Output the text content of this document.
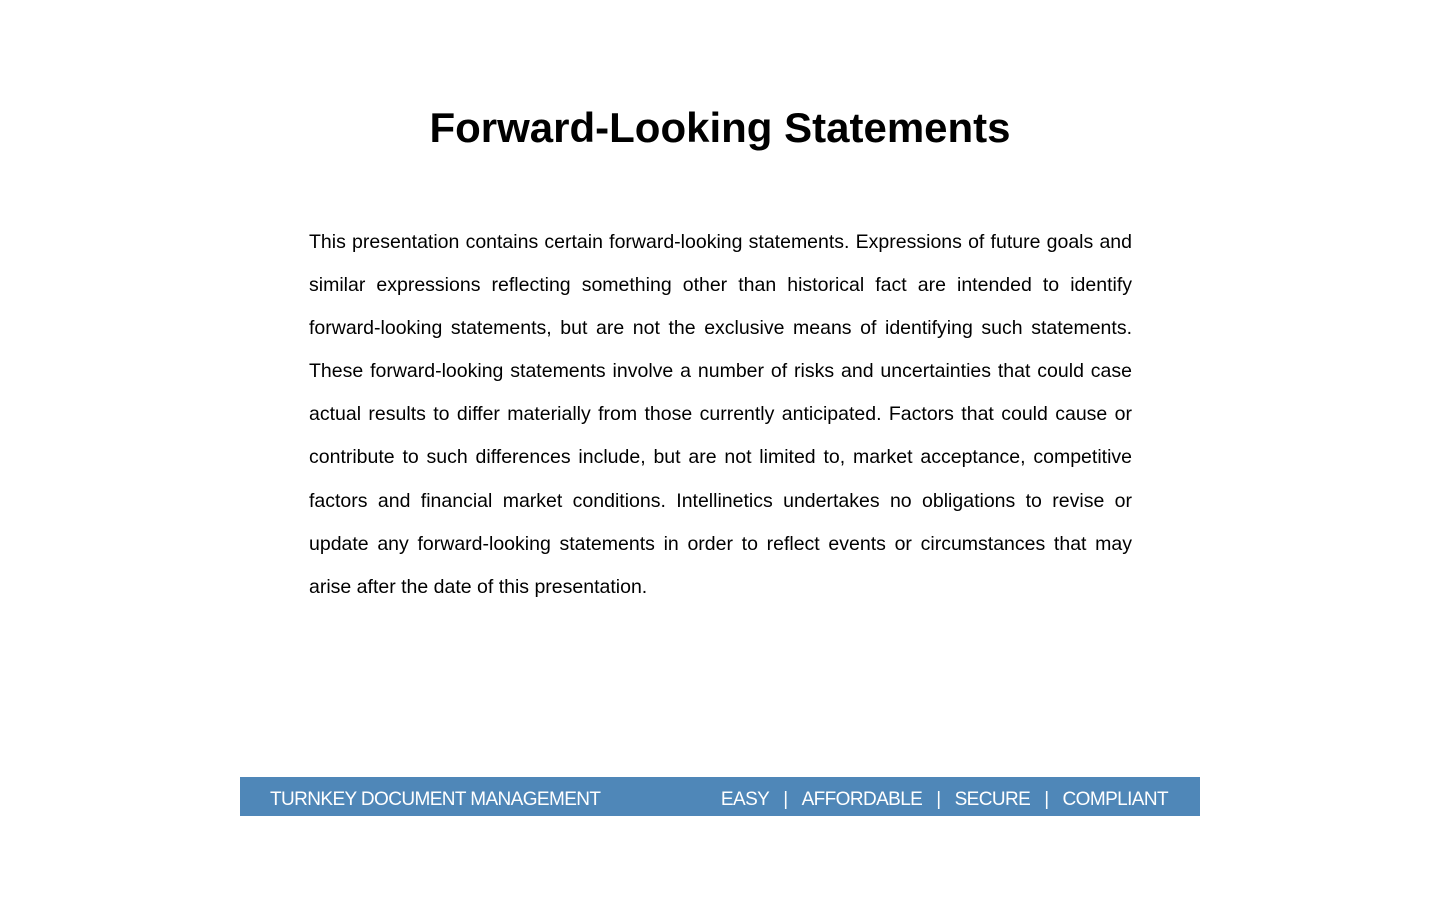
Forward-Looking Statements

This presentation contains certain forward-looking statements. Expressions of future goals and similar expressions reflecting something other than historical fact are intended to identify forward-looking statements, but are not the exclusive means of identifying such statements. These forward-looking statements involve a number of risks and uncertainties that could case actual results to differ materially from those currently anticipated. Factors that could cause or contribute to such differences include, but are not limited to, market acceptance, competitive factors and financial market conditions. Intellinetics undertakes no obligations to revise or update any forward-looking statements in order to reflect events or circumstances that may arise after the date of this presentation.

TURNKEY DOCUMENT MANAGEMENT	EASY | AFFORDABLE | SECURE | COMPLIANT
